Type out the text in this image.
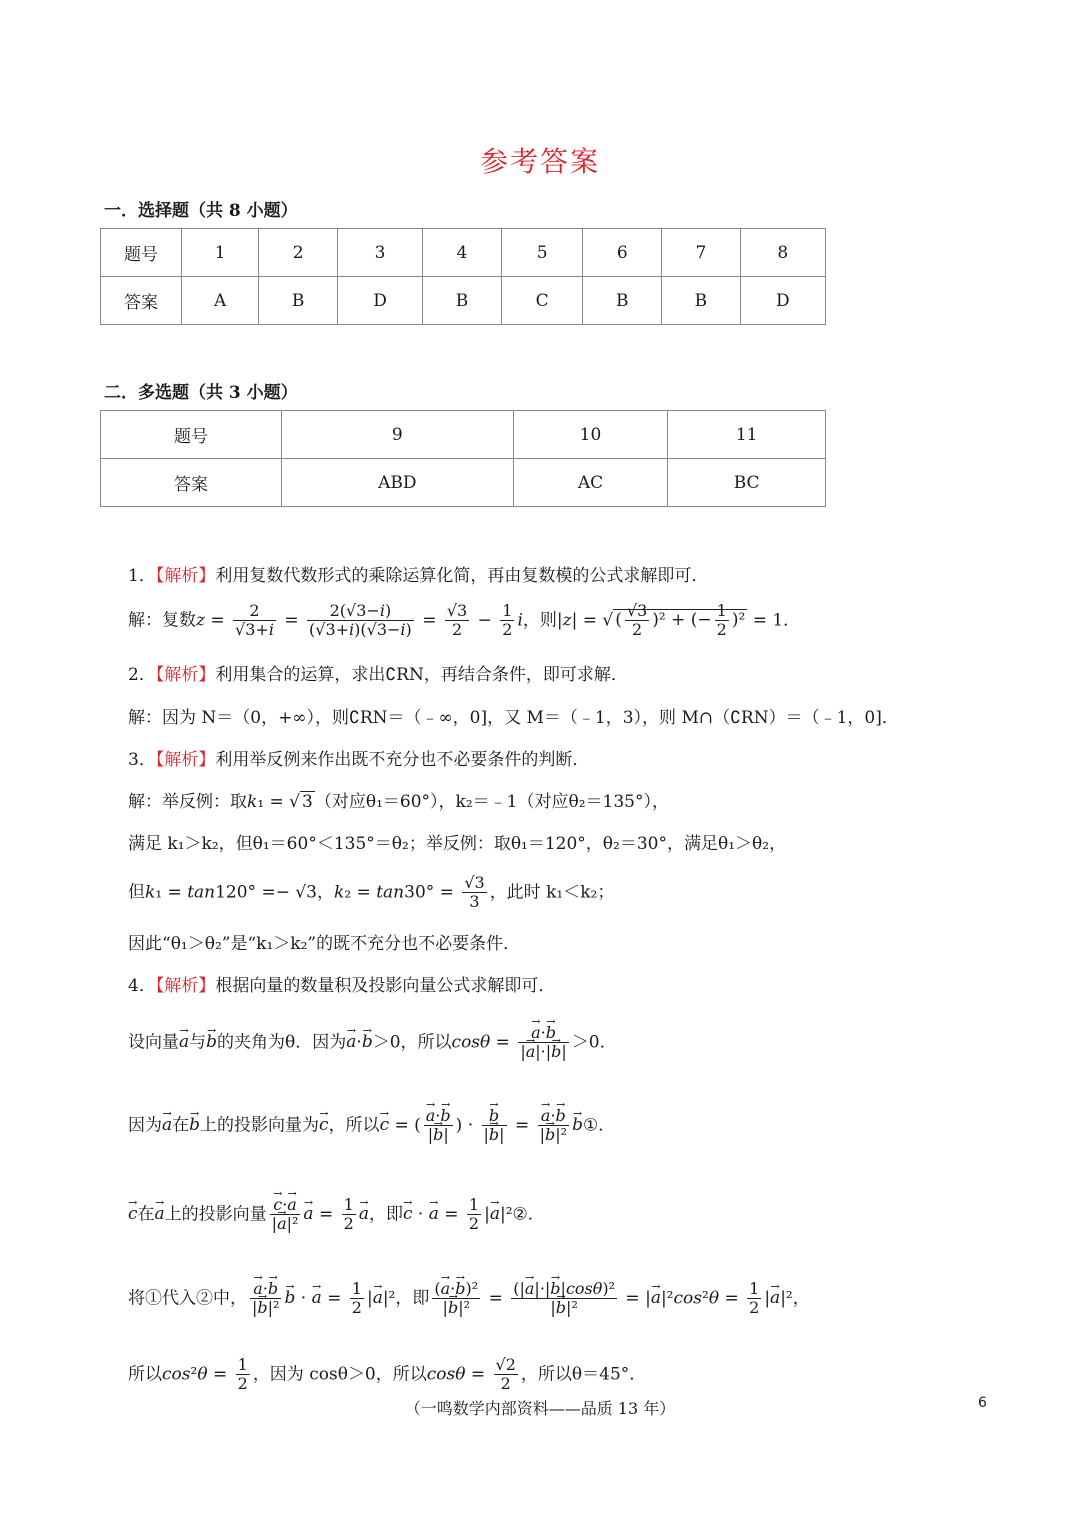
参考答案
一．选择题（共 8 小题）
题号	1	2	3	4	5	6	7	8
答案	A	B	D	B	C	B	B	D
二．多选题（共 3 小题）
题号	9	10	11
答案	ABD	AC	BC
1．【解析】利用复数代数形式的乘除运算化简，再由复数模的公式求解即可．
解：复数$z = \frac{2}{√3+i} = \frac{2(√3-i)}{(√3+i)(√3-i)} = \frac{√3}{2} - \frac{1}{2}$ i，则|z| = √ ( $\frac{√3}{2} )^2$ + (− $\frac{1}{2} )^2 = 1$．
2．【解析】利用集合的运算，求出∁RN，再结合条件，即可求解．
解：因为 N＝（0，+∞），则∁RN＝（﹣∞，0]，又 M＝（﹣1，3），则 M∩（∁RN）＝（﹣1，0]．
3．【解析】利用举反例来作出既不充分也不必要条件的判断．
解：举反例：取k₁ = √ 3 （对应θ₁＝60°），k₂＝﹣1（对应θ₂＝135°），
满足 k₁＞k₂，但θ₁＝60°＜135°＝θ₂；举反例：取θ₁＝120°，θ₂＝30°，满足θ₁＞θ₂，
但k₁ = tan120° =− √3，$k_2 = \tan 30^\circ = \frac{√3}{3}$ ，此时 k₁＜k₂；
因此“θ₁＞θ₂”是“k₁＞k₂”的既不充分也不必要条件．
4．【解析】根据向量的数量积及投影向量公式求解即可．
设向量→ a与→ b的夹角为θ．因为→ a·→ b＞0，所以cosθ = → $\frac{a\cdot\to b}{|\to a|\cdot|\to b|} >0$．
因为→ a在→ b上的投影向量为→ c，所以→ c = ( → $\frac{a\cdot\to b}{|\to b|}$ ) · → $\frac{b}{|\to b|}$ = → $\frac{a\cdot\to b}{\text{|→ b|²}}$ → b①．
→ c在→ a上的投影向量 → $\frac{c\cdot\to a}{\text{|→ a|²}} \to a = \frac{1}{2} \to a$，即→ c · → $a = \frac{1}{2}$ |→ a|²②．
将①代入②中， → $\frac{a\cdot\to b}{\text{|→ b|²}} \to b$ · → $a = \frac{1}{2}$ |→ a|²，即 $\frac{\text{(→ a·→ b)²}}{\text{|→ b|²}} = \frac{\text{(|→ a|·|→ b|cosθ)²}}{\text{|→ b|²}}$ = |→ $a|^2\cos^2\theta = \frac{1}{2}$ |→ a|²，
所以$\cos^2\theta = \frac{1}{2}$ ，因为 cosθ＞0，所以$\cos\theta = \frac{√2}{2}$ ，所以θ＝45°．
（一鸣数学内部资料——品质 13 年）	6
